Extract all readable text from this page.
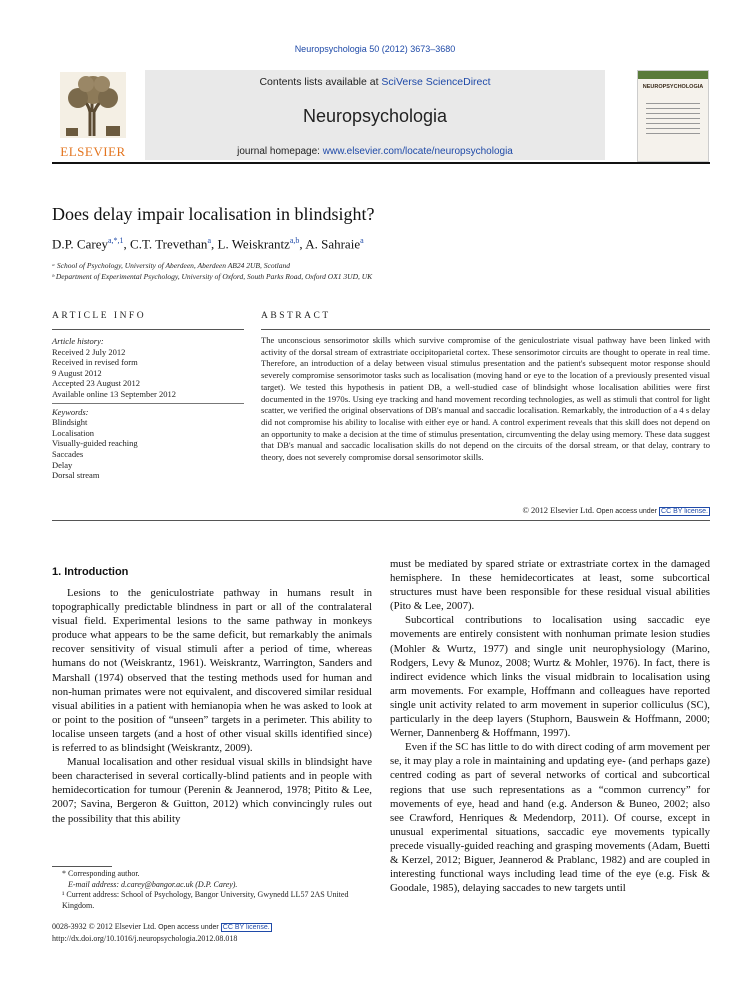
Neuropsychologia 50 (2012) 3673–3680
ELSEVIER
Contents lists available at SciVerse ScienceDirect
Neuropsychologia
journal homepage: www.elsevier.com/locate/neuropsychologia
NEUROPSYCHOLOGIA
Does delay impair localisation in blindsight?
D.P. Carey$^{a,*,1}$, C.T. Trevethan$^a$, L. Weiskrantz$^{a,b}$, A. Sahraie$^a$
ᵃ School of Psychology, University of Aberdeen, Aberdeen AB24 2UB, Scotland
ᵇ Department of Experimental Psychology, University of Oxford, South Parks Road, Oxford OX1 3UD, UK
ARTICLE INFO	ABSTRACT
Article history:
Received 2 July 2012
Received in revised form
9 August 2012
Accepted 23 August 2012
Available online 13 September 2012
Keywords:
Blindsight
Localisation
Visually-guided reaching
Saccades
Delay
Dorsal stream
The unconscious sensorimotor skills which survive compromise of the geniculostriate visual pathway have been linked with activity of the dorsal stream of extrastriate occipitoparietal cortex. These sensorimotor circuits are thought to operate in real time. Therefore, an introduction of a delay between visual stimulus presentation and the patient's subsequent motor response should severely compromise sensorimotor tasks such as localisation (moving hand or eye to the location of a previously presented visual target). We tested this hypothesis in patient DB, a well-studied case of blindsight whose localisation abilities were first documented in the 1970s. Using eye tracking and hand movement recording technologies, as well as stimuli that control for light scatter, we verified the original observations of DB's manual and saccadic localisation. Remarkably, the introduction of a 4 s delay did not compromise his ability to localise with either eye or hand. A control experiment reveals that this skill does not depend on an opportunity to make a decision at the time of stimulus presentation, circumventing the delay using memory. These data suggest that DB's manual and saccadic localisation skills do not depend on the circuits of the dorsal stream, or that delay, contrary to theory, does not severely compromise dorsal sensorimotor skills.
© 2012 Elsevier Ltd. Open access under CC BY license.
1. Introduction

Lesions to the geniculostriate pathway in humans result in topographically predictable blindness in part or all of the contralateral visual field. Experimental lesions to the same pathway in monkeys produce what appears to be the same deficit, but remarkably the animals recover sensitivity of visual stimuli after a period of time, whereas humans do not (Weiskrantz, 1961). Weiskrantz, Warrington, Sanders and Marshall (1974) observed that the testing methods used for human and non-human primates were not equivalent, and discovered similar residual visual abilities in a patient with hemianopia when he was asked to look at or point to the position of “unseen” targets in a perimeter. This ability to localise unseen targets (and a host of other visual skills identified since) is referred to as blindsight (Weiskrantz, 2009).

Manual localisation and other residual visual skills in blindsight have been characterised in several cortically-blind patients and in people with hemidecortication for tumour (Perenin & Jeannerod, 1978; Pitito & Lee, 2007; Savina, Bergeron & Guitton, 2012) which convincingly rules out the possibility that this ability

must be mediated by spared striate or extrastriate cortex in the damaged hemisphere. In these hemidecorticates at least, some subcortical structures must have been responsible for these residual visual abilities (Pito & Lee, 2007).

Subcortical contributions to localisation using saccadic eye movements are entirely consistent with nonhuman primate lesion studies (Mohler & Wurtz, 1977) and single unit neurophysiology (Marino, Rodgers, Levy & Munoz, 2008; Wurtz & Mohler, 1976). In fact, there is indirect evidence which links the visual midbrain to localisation using arm movements. For example, Hoffmann and colleagues have reported single unit activity related to arm movement in superior colliculus (SC), particularly in the deep layers (Stuphorn, Bauswein & Hoffmann, 2000; Werner, Dannenberg & Hoffmann, 1997).

Even if the SC has little to do with direct coding of arm movement per se, it may play a role in maintaining and updating eye- (and perhaps gaze) centred coding as part of several networks of cortical and subcortical regions that use such representations as a “common currency” for movements of eye, head and hand (e.g. Anderson & Buneo, 2002; also see Crawford, Henriques & Medendorp, 2011). Of course, except in unusual experimental situations, saccadic eye movements typically precede visually-guided reaching and grasping movements (Adam, Buetti & Kerzel, 2012; Biguer, Jeannerod & Prablanc, 1982) and are coupled in interesting functional ways including lead time of the eye (e.g. Fisk & Goodale, 1985), delaying saccades to new targets until

* Corresponding author.
E-mail address: d.carey@bangor.ac.uk (D.P. Carey).
¹ Current address: School of Psychology, Bangor University, Gwynedd LL57 2AS United Kingdom.
0028-3932 © 2012 Elsevier Ltd. Open access under CC BY license.
http://dx.doi.org/10.1016/j.neuropsychologia.2012.08.018
